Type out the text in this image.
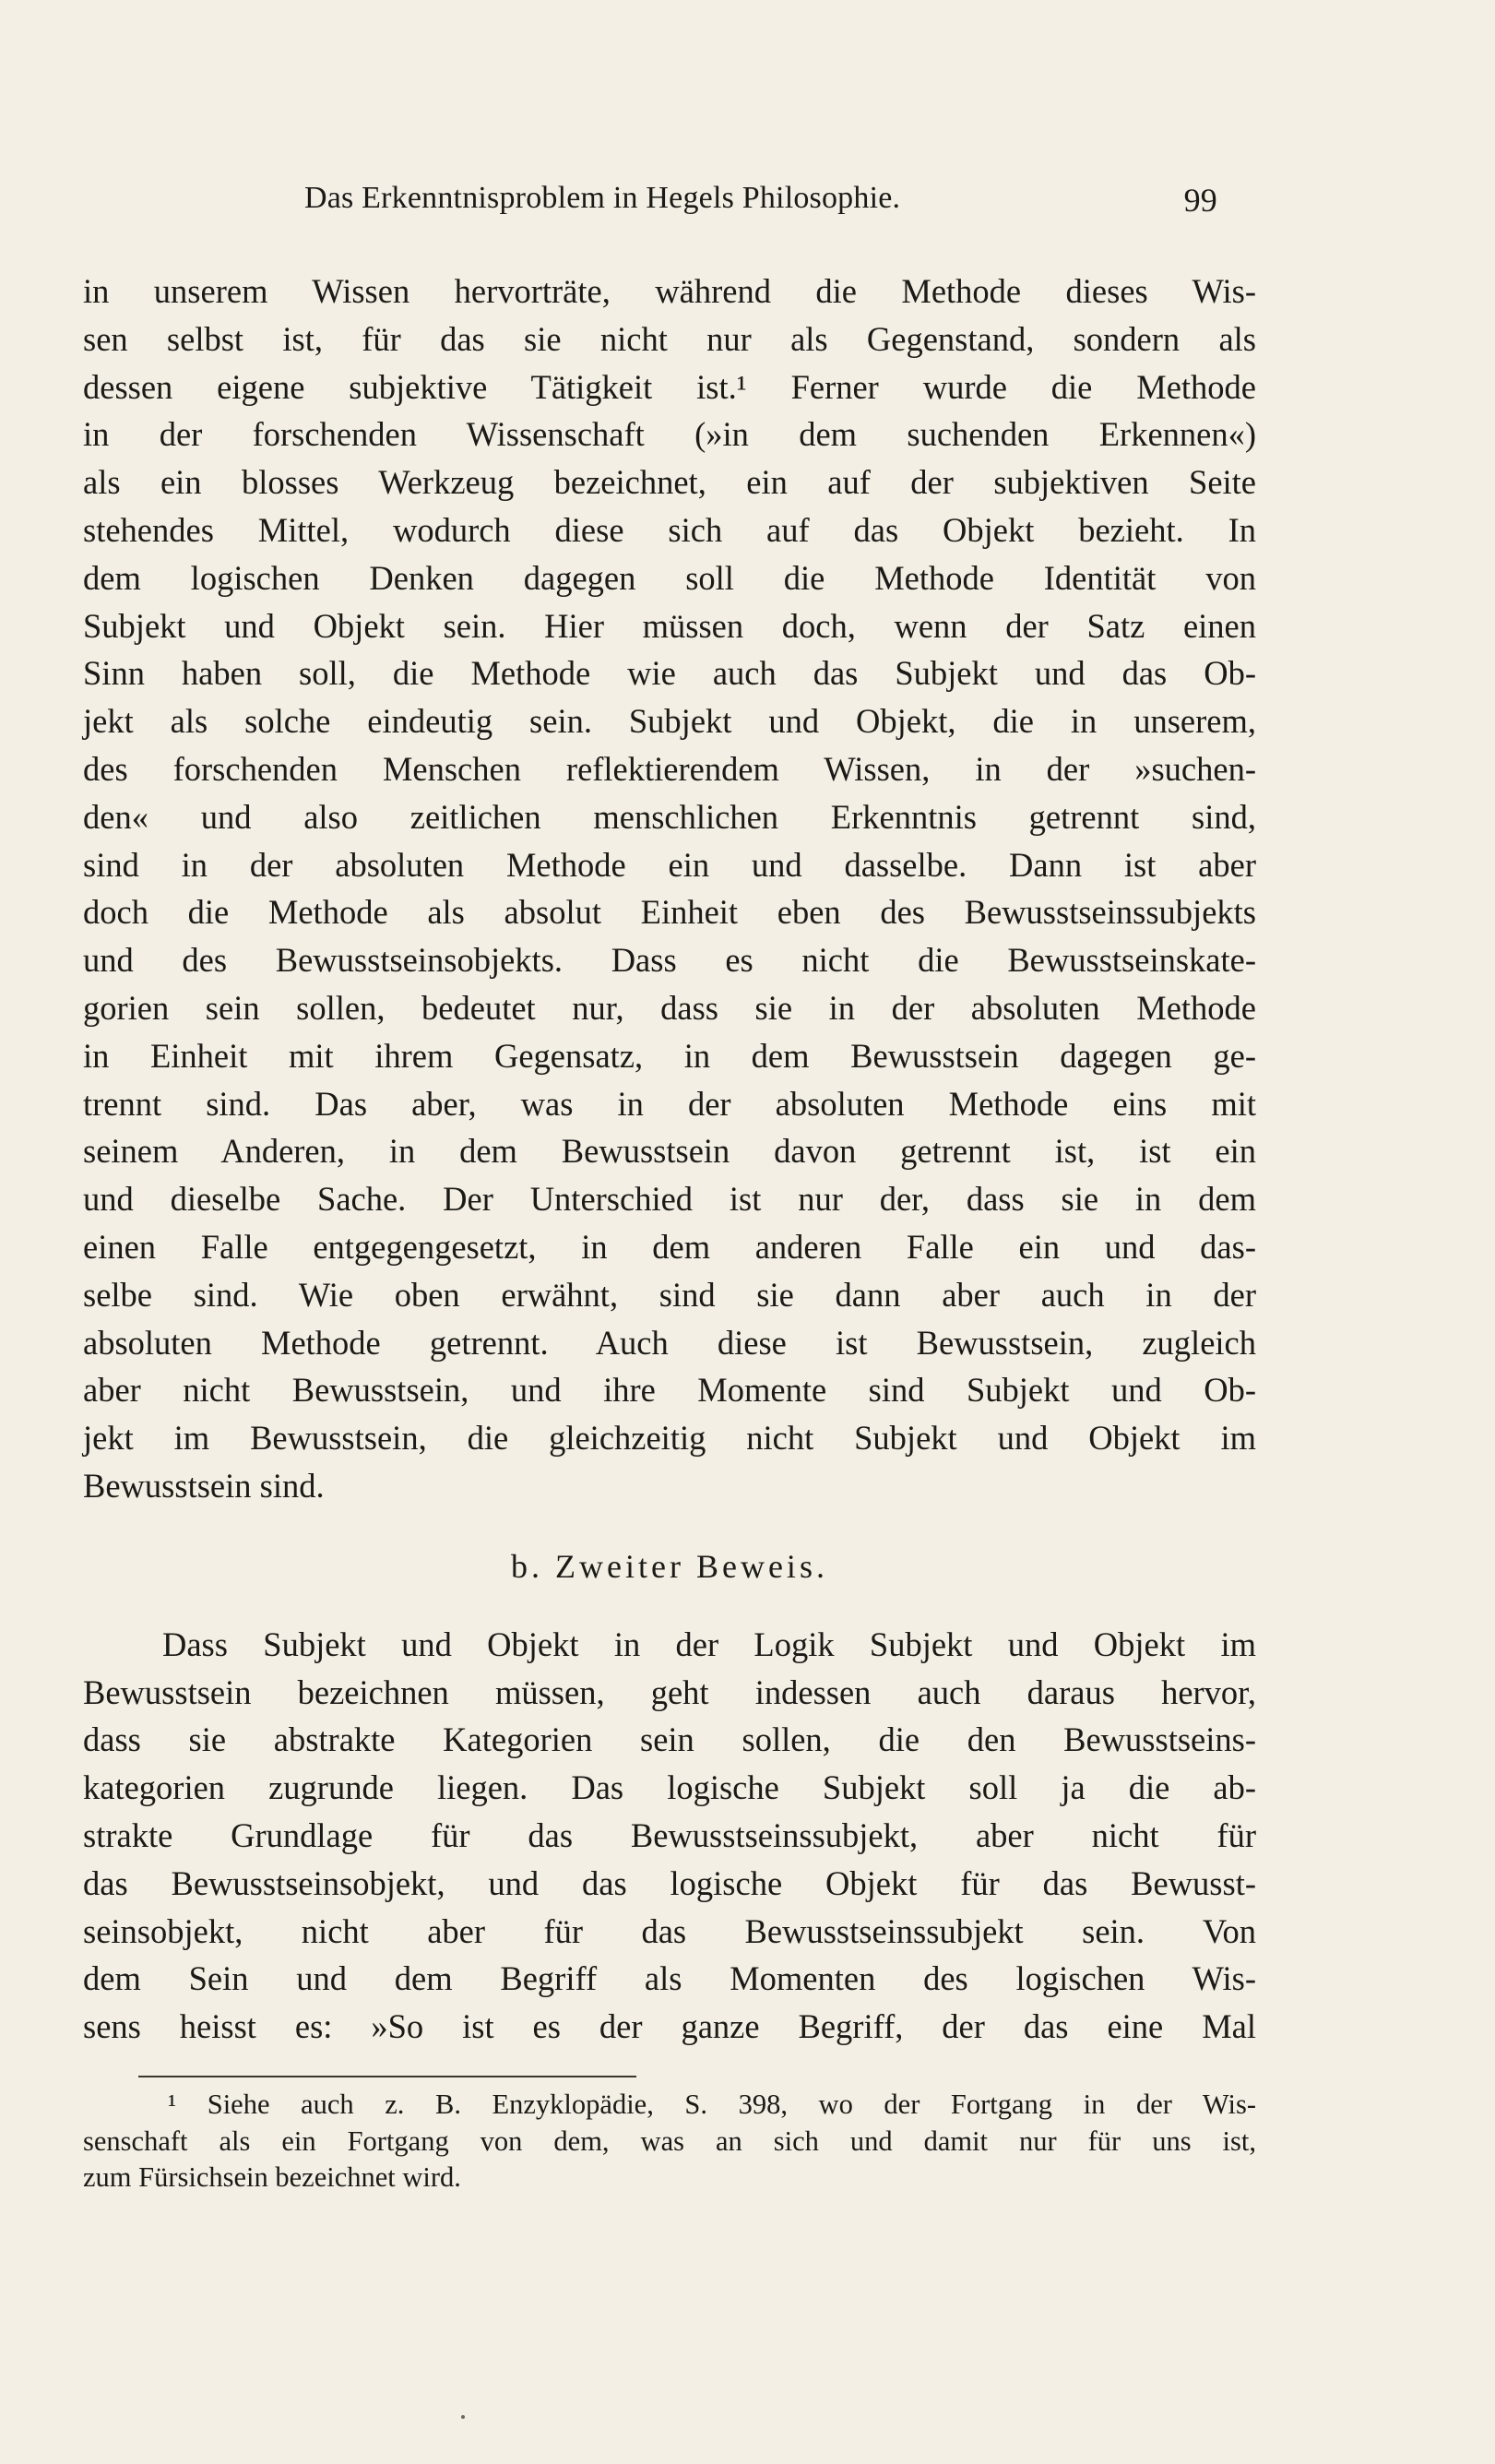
Das Erkenntnisproblem in Hegels Philosophie.	99
in unserem Wissen hervorträte, während die Methode dieses Wis-
sen selbst ist, für das sie nicht nur als Gegenstand, sondern als
dessen eigene subjektive Tätigkeit ist.¹ Ferner wurde die Methode
in der forschenden Wissenschaft (»in dem suchenden Erkennen«)
als ein blosses Werkzeug bezeichnet, ein auf der subjektiven Seite
stehendes Mittel, wodurch diese sich auf das Objekt bezieht. In
dem logischen Denken dagegen soll die Methode Identität von
Subjekt und Objekt sein. Hier müssen doch, wenn der Satz einen
Sinn haben soll, die Methode wie auch das Subjekt und das Ob-
jekt als solche eindeutig sein. Subjekt und Objekt, die in unserem,
des forschenden Menschen reflektierendem Wissen, in der »suchen-
den« und also zeitlichen menschlichen Erkenntnis getrennt sind,
sind in der absoluten Methode ein und dasselbe. Dann ist aber
doch die Methode als absolut Einheit eben des Bewusstseinssubjekts
und des Bewusstseinsobjekts. Dass es nicht die Bewusstseinskate-
gorien sein sollen, bedeutet nur, dass sie in der absoluten Methode
in Einheit mit ihrem Gegensatz, in dem Bewusstsein dagegen ge-
trennt sind. Das aber, was in der absoluten Methode eins mit
seinem Anderen, in dem Bewusstsein davon getrennt ist, ist ein
und dieselbe Sache. Der Unterschied ist nur der, dass sie in dem
einen Falle entgegengesetzt, in dem anderen Falle ein und das-
selbe sind. Wie oben erwähnt, sind sie dann aber auch in der
absoluten Methode getrennt. Auch diese ist Bewusstsein, zugleich
aber nicht Bewusstsein, und ihre Momente sind Subjekt und Ob-
jekt im Bewusstsein, die gleichzeitig nicht Subjekt und Objekt im
Bewusstsein sind.
b. Zweiter Beweis.
Dass Subjekt und Objekt in der Logik Subjekt und Objekt im
Bewusstsein bezeichnen müssen, geht indessen auch daraus hervor,
dass sie abstrakte Kategorien sein sollen, die den Bewusstseins-
kategorien zugrunde liegen. Das logische Subjekt soll ja die ab-
strakte Grundlage für das Bewusstseinssubjekt, aber nicht für
das Bewusstseinsobjekt, und das logische Objekt für das Bewusst-
seinsobjekt, nicht aber für das Bewusstseinssubjekt sein. Von
dem Sein und dem Begriff als Momenten des logischen Wis-
sens heisst es: »So ist es der ganze Begriff, der das eine Mal
¹ Siehe auch z. B. Enzyklopädie, S. 398, wo der Fortgang in der Wis-
senschaft als ein Fortgang von dem, was an sich und damit nur für uns ist,
zum Fürsichsein bezeichnet wird.
